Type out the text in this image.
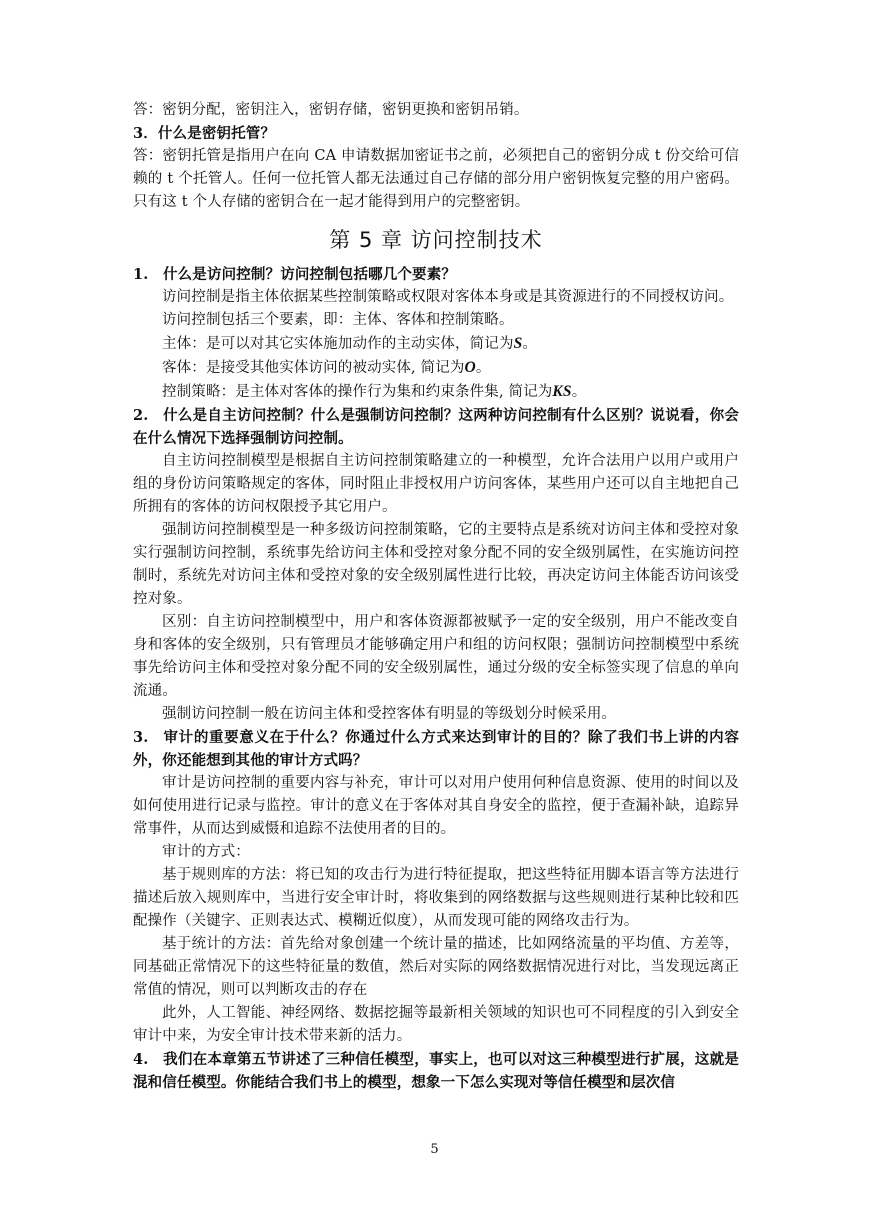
答：密钥分配，密钥注入，密钥存储，密钥更换和密钥吊销。

3．什么是密钥托管？

答：密钥托管是指用户在向 CA 申请数据加密证书之前，必须把自己的密钥分成 t 份交给可信赖的 t 个托管人。任何一位托管人都无法通过自己存储的部分用户密钥恢复完整的用户密码。只有这 t 个人存储的密钥合在一起才能得到用户的完整密钥。

第 5 章 访问控制技术

1. 什么是访问控制？访问控制包括哪几个要素？

访问控制是指主体依据某些控制策略或权限对客体本身或是其资源进行的不同授权访问。

访问控制包括三个要素，即：主体、客体和控制策略。

主体：是可以对其它实体施加动作的主动实体，简记为S。

客体：是接受其他实体访问的被动实体, 简记为O。

控制策略：是主体对客体的操作行为集和约束条件集, 简记为KS。

2. 什么是自主访问控制？什么是强制访问控制？这两种访问控制有什么区别？说说看，你会在什么情况下选择强制访问控制。

自主访问控制模型是根据自主访问控制策略建立的一种模型，允许合法用户以用户或用户组的身份访问策略规定的客体，同时阻止非授权用户访问客体，某些用户还可以自主地把自己所拥有的客体的访问权限授予其它用户。

强制访问控制模型是一种多级访问控制策略，它的主要特点是系统对访问主体和受控对象实行强制访问控制，系统事先给访问主体和受控对象分配不同的安全级别属性，在实施访问控制时，系统先对访问主体和受控对象的安全级别属性进行比较，再决定访问主体能否访问该受控对象。

区别：自主访问控制模型中，用户和客体资源都被赋予一定的安全级别，用户不能改变自身和客体的安全级别，只有管理员才能够确定用户和组的访问权限；强制访问控制模型中系统事先给访问主体和受控对象分配不同的安全级别属性，通过分级的安全标签实现了信息的单向流通。

强制访问控制一般在访问主体和受控客体有明显的等级划分时候采用。

3. 审计的重要意义在于什么？你通过什么方式来达到审计的目的？除了我们书上讲的内容外，你还能想到其他的审计方式吗？

审计是访问控制的重要内容与补充，审计可以对用户使用何种信息资源、使用的时间以及如何使用进行记录与监控。审计的意义在于客体对其自身安全的监控，便于查漏补缺，追踪异常事件，从而达到威慑和追踪不法使用者的目的。

审计的方式：

基于规则库的方法：将已知的攻击行为进行特征提取，把这些特征用脚本语言等方法进行描述后放入规则库中，当进行安全审计时，将收集到的网络数据与这些规则进行某种比较和匹配操作（关键字、正则表达式、模糊近似度），从而发现可能的网络攻击行为。

基于统计的方法：首先给对象创建一个统计量的描述，比如网络流量的平均值、方差等，同基础正常情况下的这些特征量的数值，然后对实际的网络数据情况进行对比，当发现远离正常值的情况，则可以判断攻击的存在

此外，人工智能、神经网络、数据挖掘等最新相关领域的知识也可不同程度的引入到安全审计中来，为安全审计技术带来新的活力。

4. 我们在本章第五节讲述了三种信任模型，事实上，也可以对这三种模型进行扩展，这就是混和信任模型。你能结合我们书上的模型，想象一下怎么实现对等信任模型和层次信

5
